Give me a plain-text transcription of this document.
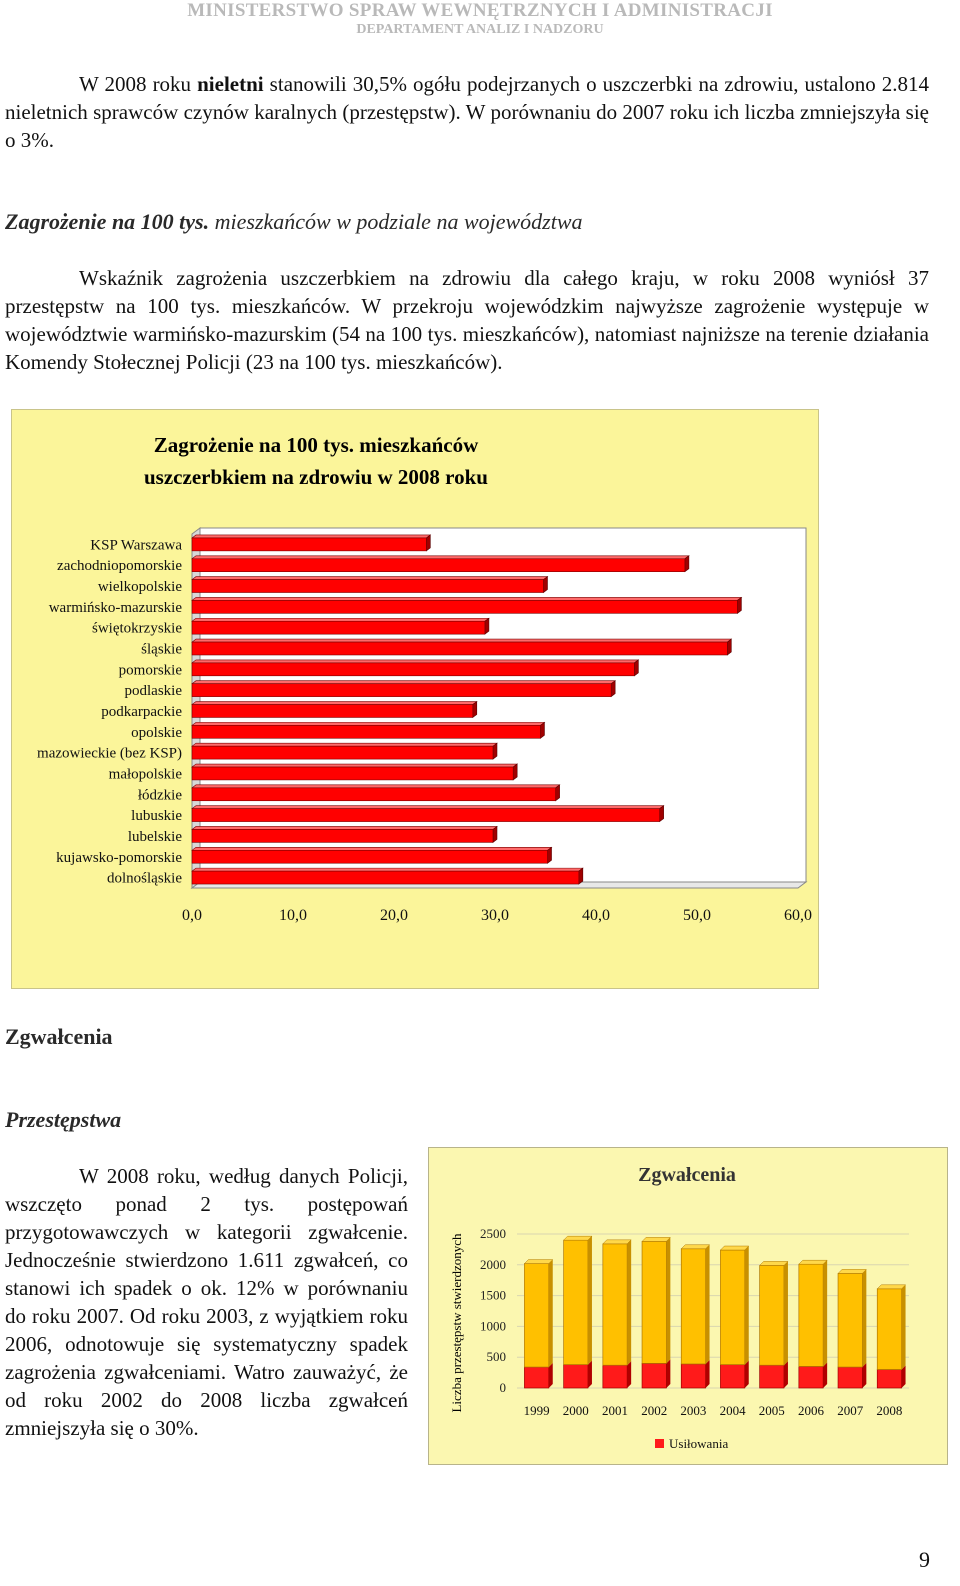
MINISTERSTWO SPRAW WEWNĘTRZNYCH I ADMINISTRACJI
DEPARTAMENT ANALIZ I NADZORU

W 2008 roku nieletni stanowili 30,5% ogółu podejrzanych o uszczerbki na zdrowiu, ustalono 2.814 nieletnich sprawców czynów karalnych (przestępstw). W porównaniu do 2007 roku ich liczba zmniejszyła się o 3%.

Zagrożenie na 100 tys. mieszkańców w podziale na województwa

Wskaźnik zagrożenia uszczerbkiem na zdrowiu dla całego kraju, w roku 2008 wyniósł 37 przestępstw na 100 tys. mieszkańców. W przekroju wojewódzkim najwyższe zagrożenie występuje w województwie warmińsko-mazurskim (54 na 100 tys. mieszkańców), natomiast najniższe na terenie działania Komendy Stołecznej Policji (23 na 100 tys. mieszkańców).

Zagrożenie na 100 tys. mieszkańców
uszczerbkiem na zdrowiu w 2008 roku
KSP Warszawa
zachodniopomorskie
wielkopolskie
warmińsko-mazurskie
świętokrzyskie
śląskie
pomorskie
podlaskie
podkarpackie
opolskie
mazowieckie (bez KSP)
małopolskie
łódzkie
lubuskie
lubelskie
kujawsko-pomorskie
dolnośląskie
0,0	10,0	20,0	30,0	40,0	50,0	60,0
Zgwałcenia
Przestępstwa

W 2008 roku, według danych Policji, wszczęto ponad 2 tys. postępowań przygotowawczych w kategorii zgwałcenie. Jednocześnie stwierdzono 1.611 zgwałceń, co stanowi ich spadek o ok. 12% w porównaniu do roku 2007. Od roku 2003, z wyjątkiem roku 2006, odnotowuje się systematyczny spadek zagrożenia zgwałceniami. Watro zauważyć, że od roku 2002 do 2008 liczba zgwałceń zmniejszyła się o 30%.

Zgwałcenia
Liczba przestępstw stwierdzonych	0
500
1000
1500
2000
2500
1999 2000 2001 2002 2003 2004 2005 2006 2007 2008
Usiłowania
9
